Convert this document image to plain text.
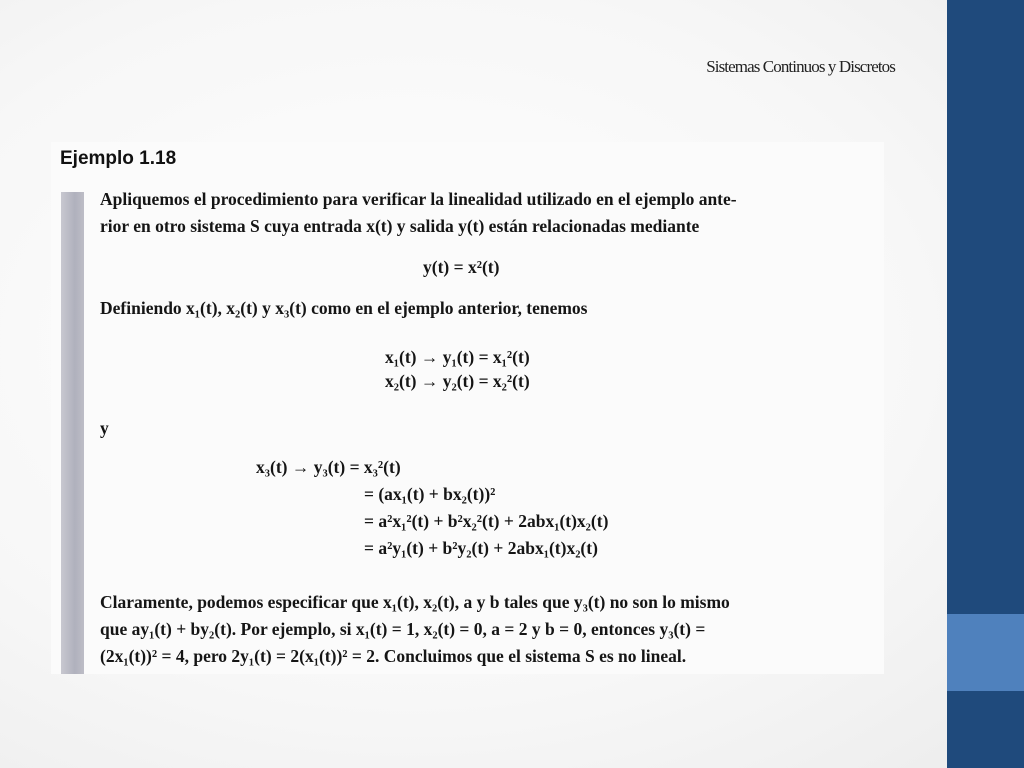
Sistemas Continuos y Discretos
Ejemplo 1.18
Apliquemos el procedimiento para verificar la linealidad utilizado en el ejemplo ante-
rior en otro sistema S cuya entrada x(t) y salida y(t) están relacionadas mediante
y(t) = x²(t)
Definiendo x₁(t), x₂(t) y x₃(t) como en el ejemplo anterior, tenemos
x₁(t) → y₁(t) = x₁²(t)
x₂(t) → y₂(t) = x₂²(t)
y
x₃(t) → y₃(t) = x₃²(t)
= (ax₁(t) + bx₂(t))²
= a²x₁²(t) + b²x₂²(t) + 2abx₁(t)x₂(t)
= a²y₁(t) + b²y₂(t) + 2abx₁(t)x₂(t)
Claramente, podemos especificar que x₁(t), x₂(t), a y b tales que y₃(t) no son lo mismo
que ay₁(t) + by₂(t). Por ejemplo, si x₁(t) = 1, x₂(t) = 0, a = 2 y b = 0, entonces y₃(t) =
(2x₁(t))² = 4, pero 2y₁(t) = 2(x₁(t))² = 2. Concluimos que el sistema S es no lineal.
